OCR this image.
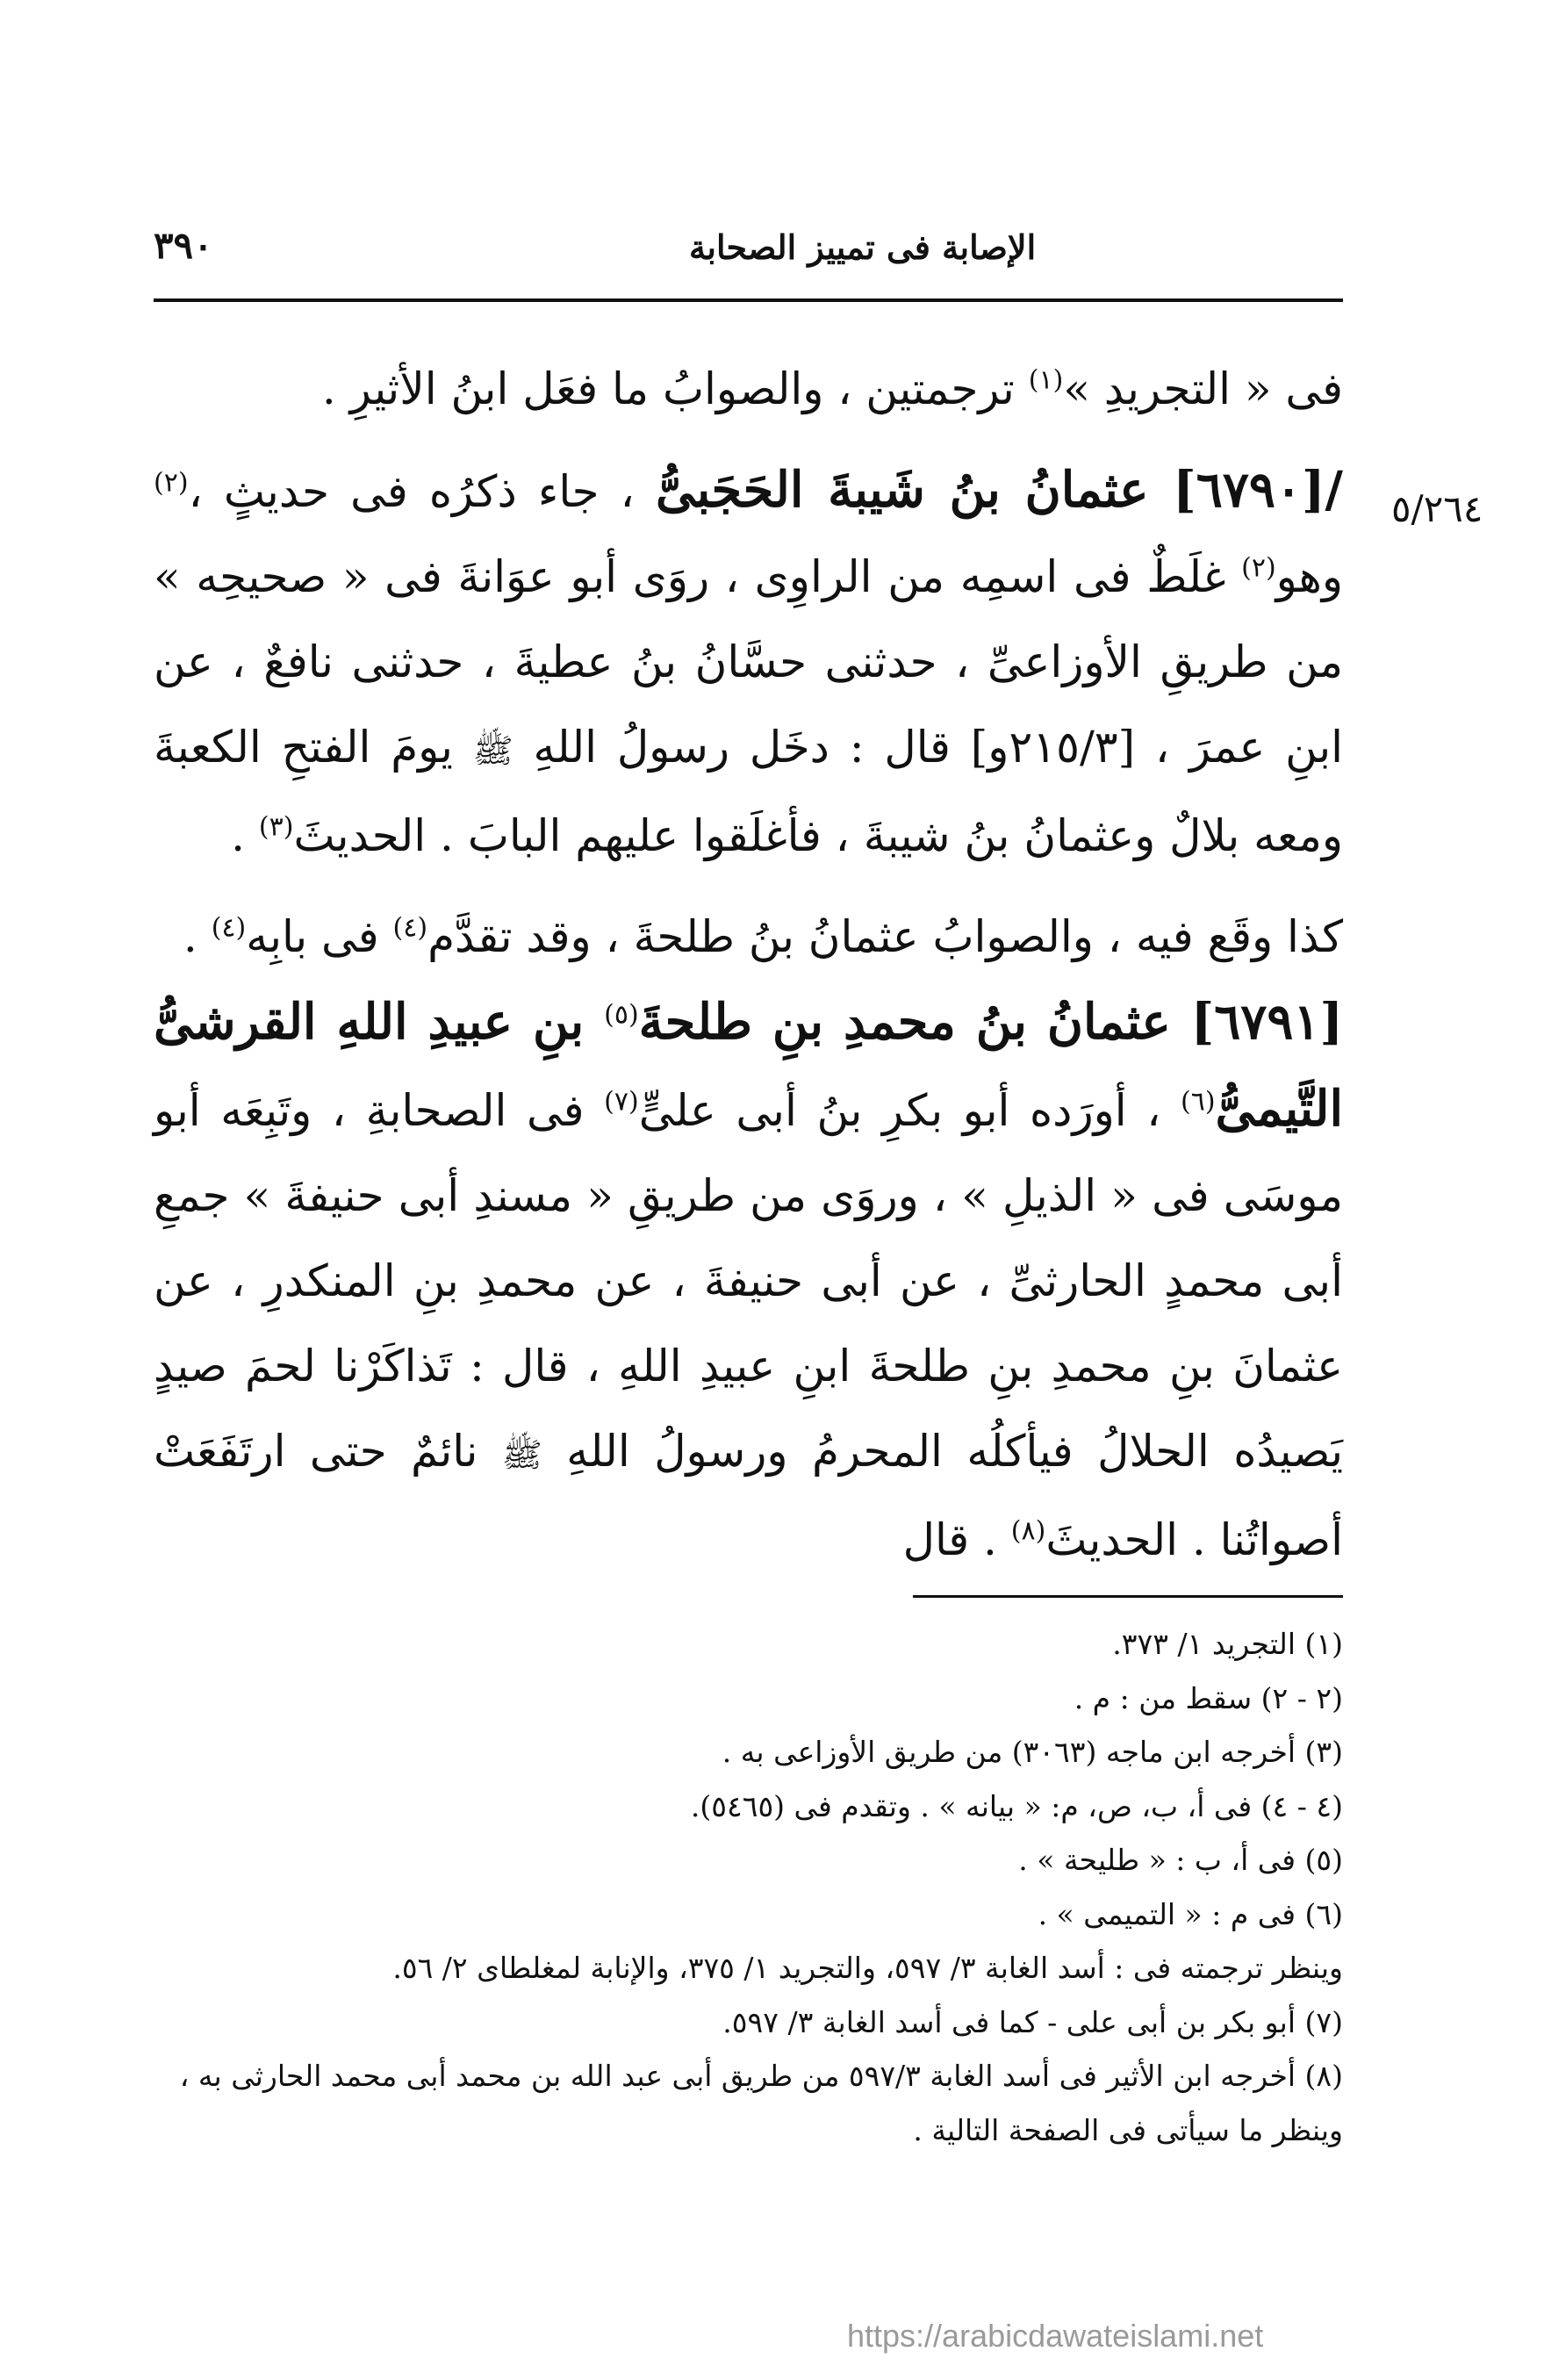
٣٩٠	الإصابة فى تمييز الصحابة
٥/٢٦٤

فى « التجريدِ »$^{(١)}$ ترجمتين ، والصوابُ ما فعَل ابنُ الأثيرِ .

/[٦٧٩٠] عثمانُ بنُ شَيبةَ الحَجَبىُّ ، جاء ذكرُه فى حديثٍ ،$^{(٢)}$ وهو$^{(٢)}$ غلَطٌ فى اسمِه من الراوِى ، روَى أبو عوَانةَ فى « صحيحِه » من طريقِ الأوزاعىِّ ، حدثنى حسَّانُ بنُ عطيةَ ، حدثنى نافعٌ ، عن ابنِ عمرَ ، [٢١٥/٣و] قال : دخَل رسولُ اللهِ ﷺ يومَ الفتحِ الكعبةَ ومعه بلالٌ وعثمانُ بنُ شيبةَ ، فأغلَقوا عليهم البابَ . الحديثَ$^{(٣)}$ .

كذا وقَع فيه ، والصوابُ عثمانُ بنُ طلحةَ ، وقد تقدَّم$^{(٤)}$ فى بابِه$^{(٤)}$ .

[٦٧٩١] عثمانُ بنُ محمدِ بنِ طلحةَ$^{(٥)}$ بنِ عبيدِ اللهِ القرشىُّ التَّيمىُّ$^{(٦)}$ ، أورَده أبو بكرِ بنُ أبى علىٍّ$^{(٧)}$ فى الصحابةِ ، وتَبِعَه أبو موسَى فى « الذيلِ » ، وروَى من طريقِ « مسندِ أبى حنيفةَ » جمعِ أبى محمدٍ الحارثىِّ ، عن أبى حنيفةَ ، عن محمدِ بنِ المنكدرِ ، عن عثمانَ بنِ محمدِ بنِ طلحةَ ابنِ عبيدِ اللهِ ، قال : تَذاكَرْنا لحمَ صيدٍ يَصيدُه الحلالُ فيأكلُه المحرمُ ورسولُ اللهِ ﷺ نائمٌ حتى ارتَفَعَتْ أصواتُنا . الحديثَ$^{(٨)}$ . قال

(١) التجريد ١/ ٣٧٣.

(٢ - ٢) سقط من : م .

(٣) أخرجه ابن ماجه (٣٠٦٣) من طريق الأوزاعى به .

(٤ - ٤) فى أ، ب، ص، م: « بيانه » . وتقدم فى (٥٤٦٥).

(٥) فى أ، ب : « طليحة » .

(٦) فى م : « التميمى » .

وينظر ترجمته فى : أسد الغابة ٣/ ٥٩٧، والتجريد ١/ ٣٧٥، والإنابة لمغلطاى ٢/ ٥٦.

(٧) أبو بكر بن أبى على - كما فى أسد الغابة ٣/ ٥٩٧.

(٨) أخرجه ابن الأثير فى أسد الغابة ٥٩٧/٣ من طريق أبى عبد الله بن محمد أبى محمد الحارثى به ، وينظر ما سيأتى فى الصفحة التالية .

https://arabicdawateislami.net
